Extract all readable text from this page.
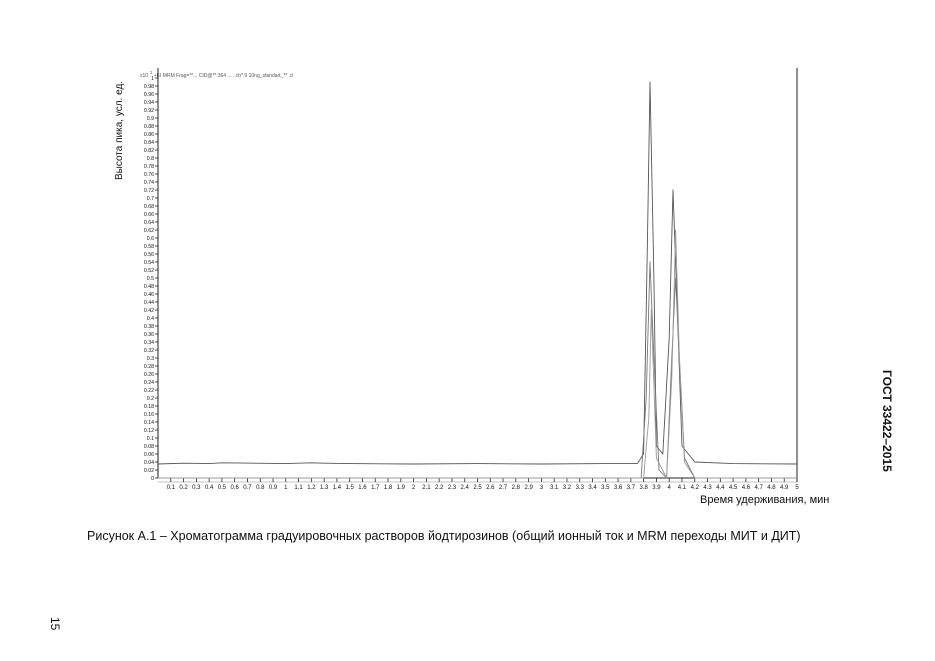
0
0.02
0.04
0.06
0.08
0.1
0.12
0.14
0.16
0.18
0.2
0.22
0.24
0.26
0.28
0.3
0.32
0.34
0.36
0.38
0.4
0.42
0.44
0.46
0.48
0.5
0.52
0.54
0.56
0.58
0.6
0.62
0.64
0.66
0.68
0.7
0.72
0.74
0.76
0.78
0.8
0.82
0.84
0.86
0.88
0.9
0.92
0.94
0.96
0.98
1
0.1 0.2 0.3 0.4 0.5 0.6 0.7 0.8 0.9 1 1.1 1.2 1.3 1.4 1.5 1.6 1.7 1.8 1.9 2 2.1 2.2 2.3 2.4 2.5 2.6 2.7 2.8 2.9 3 3.1 3.2 3.3 3.4 3.5 3.6 3.7 3.8 3.9 4 4.1 4.2 4.3 4.4 4.5 4.6 4.7 4.8 4.9 5
$x10^2 +EI$ MRM Frag=**... CID@**:364 ... ..ch*.9 10ng_standart_** .d
Высота пика, усл. ед.
Время удерживания, мин
Рисунок А.1 – Хроматограмма градуировочных растворов йодтирозинов (общий ионный ток и MRM переходы МИТ и ДИТ)
ГОСТ 33422–2015
15
